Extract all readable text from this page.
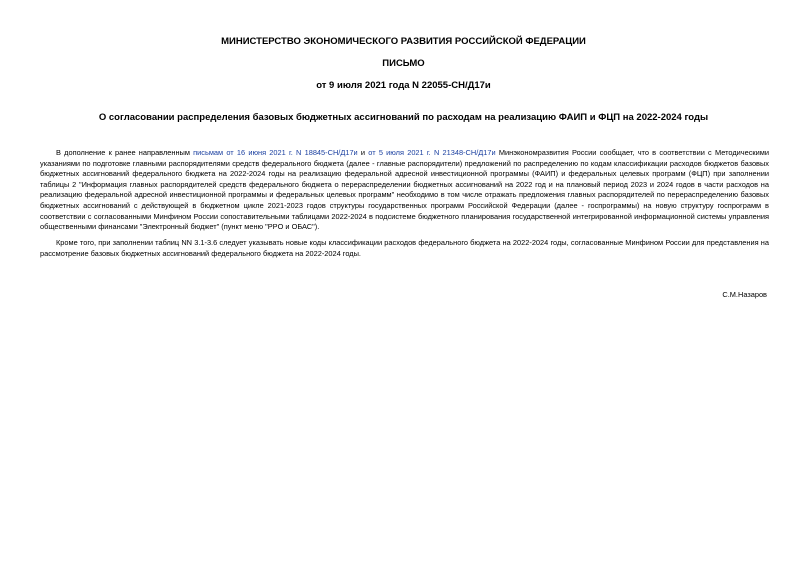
МИНИСТЕРСТВО ЭКОНОМИЧЕСКОГО РАЗВИТИЯ РОССИЙСКОЙ ФЕДЕРАЦИИ
ПИСЬМО
от 9 июля 2021 года N 22055-СН/Д17и
О согласовании распределения базовых бюджетных ассигнований по расходам на реализацию ФАИП и ФЦП на 2022-2024 годы

В дополнение к ранее направленным письмам от 16 июня 2021 г. N 18845-СН/Д17и и от 5 июля 2021 г. N 21348-СН/Д17и Минэкономразвития России сообщает, что в соответствии с Методическими указаниями по подготовке главными распорядителями средств федерального бюджета (далее - главные распорядители) предложений по распределению по кодам классификации расходов бюджетов базовых бюджетных ассигнований федерального бюджета на 2022-2024 годы на реализацию федеральной адресной инвестиционной программы (ФАИП) и федеральных целевых программ (ФЦП) при заполнении таблицы 2 "Информация главных распорядителей средств федерального бюджета о перераспределении бюджетных ассигнований на 2022 год и на плановый период 2023 и 2024 годов в части расходов на реализацию федеральной адресной инвестиционной программы и федеральных целевых программ" необходимо в том числе отражать предложения главных распорядителей по перераспределению базовых бюджетных ассигнований с действующей в бюджетном цикле 2021-2023 годов структуры государственных программ Российской Федерации (далее - госпрограммы) на новую структуру госпрограмм в соответствии с согласованными Минфином России сопоставительными таблицами 2022-2024 в подсистеме бюджетного планирования государственной интегрированной информационной системы управления общественными финансами "Электронный бюджет" (пункт меню "PPO и ОБАС").

Кроме того, при заполнении таблиц NN 3.1-3.6 следует указывать новые коды классификации расходов федерального бюджета на 2022-2024 годы, согласованные Минфином России для представления на рассмотрение базовых бюджетных ассигнований федерального бюджета на 2022-2024 годы.

С.М.Назаров
